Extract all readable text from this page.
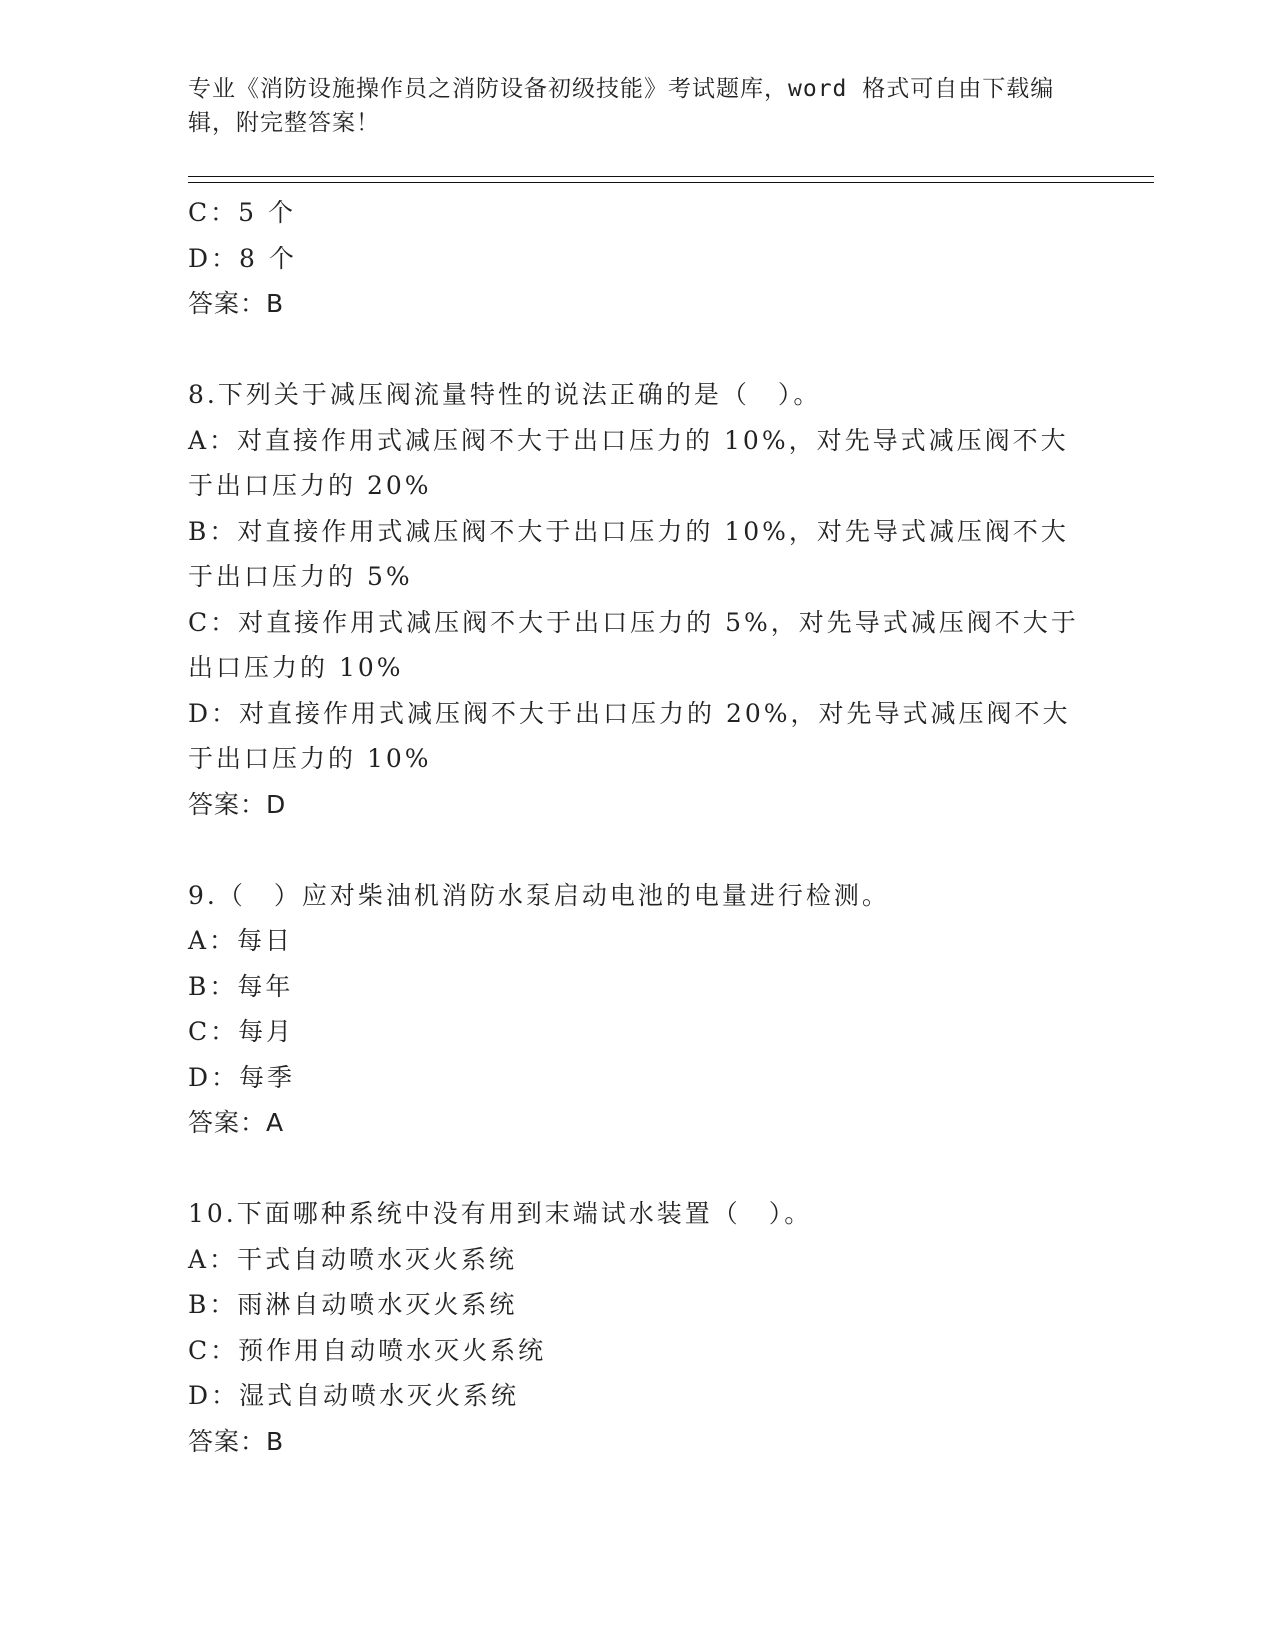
专业《消防设施操作员之消防设备初级技能》考试题库，word 格式可自由下载编
辑，附完整答案！
C：5 个
D：8 个
答案：B
8.下列关于减压阀流量特性的说法正确的是（　）。
A：对直接作用式减压阀不大于出口压力的 10%，对先导式减压阀不大
于出口压力的 20%
B：对直接作用式减压阀不大于出口压力的 10%，对先导式减压阀不大
于出口压力的 5%
C：对直接作用式减压阀不大于出口压力的 5%，对先导式减压阀不大于
出口压力的 10%
D：对直接作用式减压阀不大于出口压力的 20%，对先导式减压阀不大
于出口压力的 10%
答案：D
9.（　）应对柴油机消防水泵启动电池的电量进行检测。
A：每日
B：每年
C：每月
D：每季
答案：A
10.下面哪种系统中没有用到末端试水装置（　）。
A：干式自动喷水灭火系统
B：雨淋自动喷水灭火系统
C：预作用自动喷水灭火系统
D：湿式自动喷水灭火系统
答案：B
